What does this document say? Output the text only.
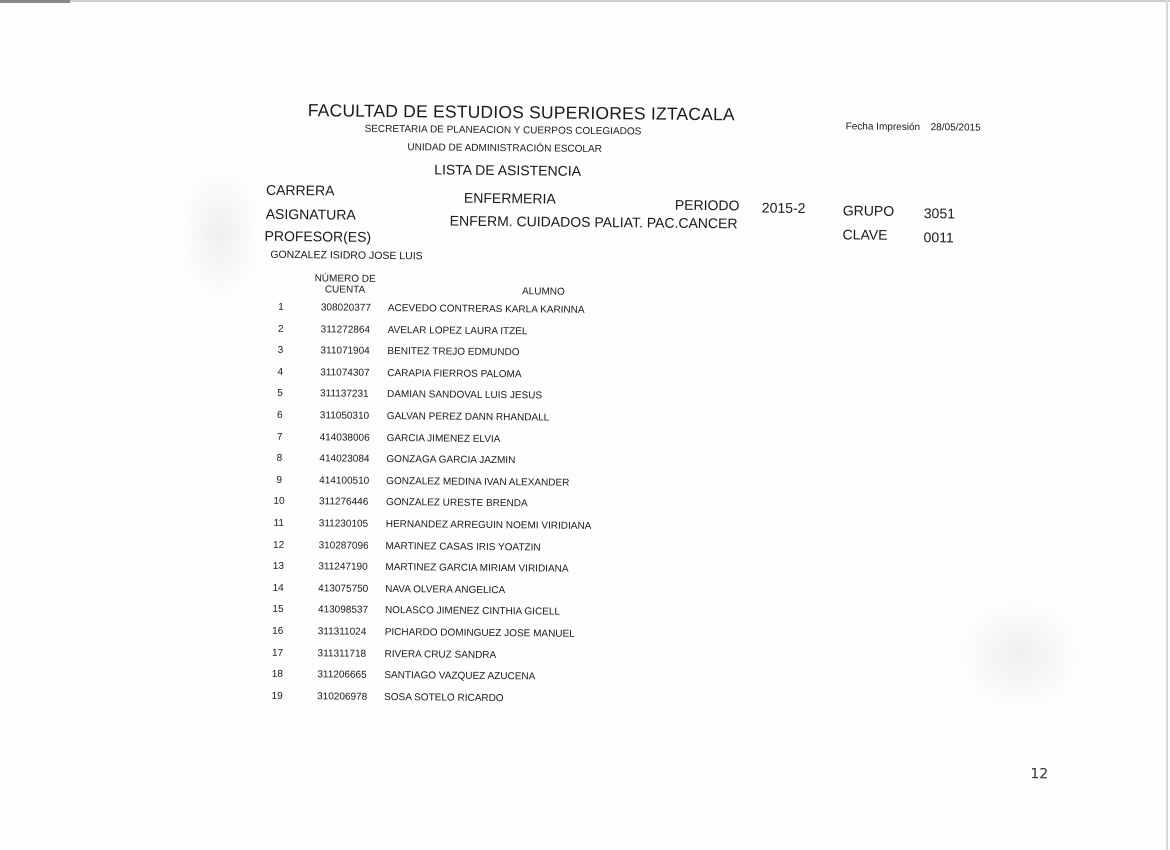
FACULTAD DE ESTUDIOS SUPERIORES IZTACALA
SECRETARIA DE PLANEACION Y CUERPOS COLEGIADOS
UNIDAD DE ADMINISTRACIÓN ESCOLAR
LISTA DE ASISTENCIA
Fecha Impresión 28/05/2015
CARRERA	ENFERMERIA	PERIODO 2015-2	GRUPO 3051
ASIGNATURA	ENFERM. CUIDADOS PALIAT. PAC.CANCER
CLAVE	0011
PROFESOR(ES)
GONZALEZ ISIDRO JOSE LUIS
NÚMERO DE
CUENTA	ALUMNO
1	308020377 ACEVEDO CONTRERAS KARLA KARINNA
2	311272864 AVELAR LOPEZ LAURA ITZEL
3	311071904 BENITEZ TREJO EDMUNDO
4	311074307 CARAPIA FIERROS PALOMA
5	311137231 DAMIAN SANDOVAL LUIS JESUS
6	311050310 GALVAN PEREZ DANN RHANDALL
7	414038006 GARCIA JIMENEZ ELVIA
8	414023084 GONZAGA GARCIA JAZMIN
9	414100510 GONZALEZ MEDINA IVAN ALEXANDER
10	311276446 GONZALEZ URESTE BRENDA
11	311230105 HERNANDEZ ARREGUIN NOEMI VIRIDIANA
12	310287096 MARTINEZ CASAS IRIS YOATZIN
13	311247190 MARTINEZ GARCIA MIRIAM VIRIDIANA
14	413075750 NAVA OLVERA ANGELICA
15	413098537 NOLASCO JIMENEZ CINTHIA GICELL
16	311311024 PICHARDO DOMINGUEZ JOSE MANUEL
17	311311718 RIVERA CRUZ SANDRA
18	311206665 SANTIAGO VAZQUEZ AZUCENA
19	310206978 SOSA SOTELO RICARDO
12
